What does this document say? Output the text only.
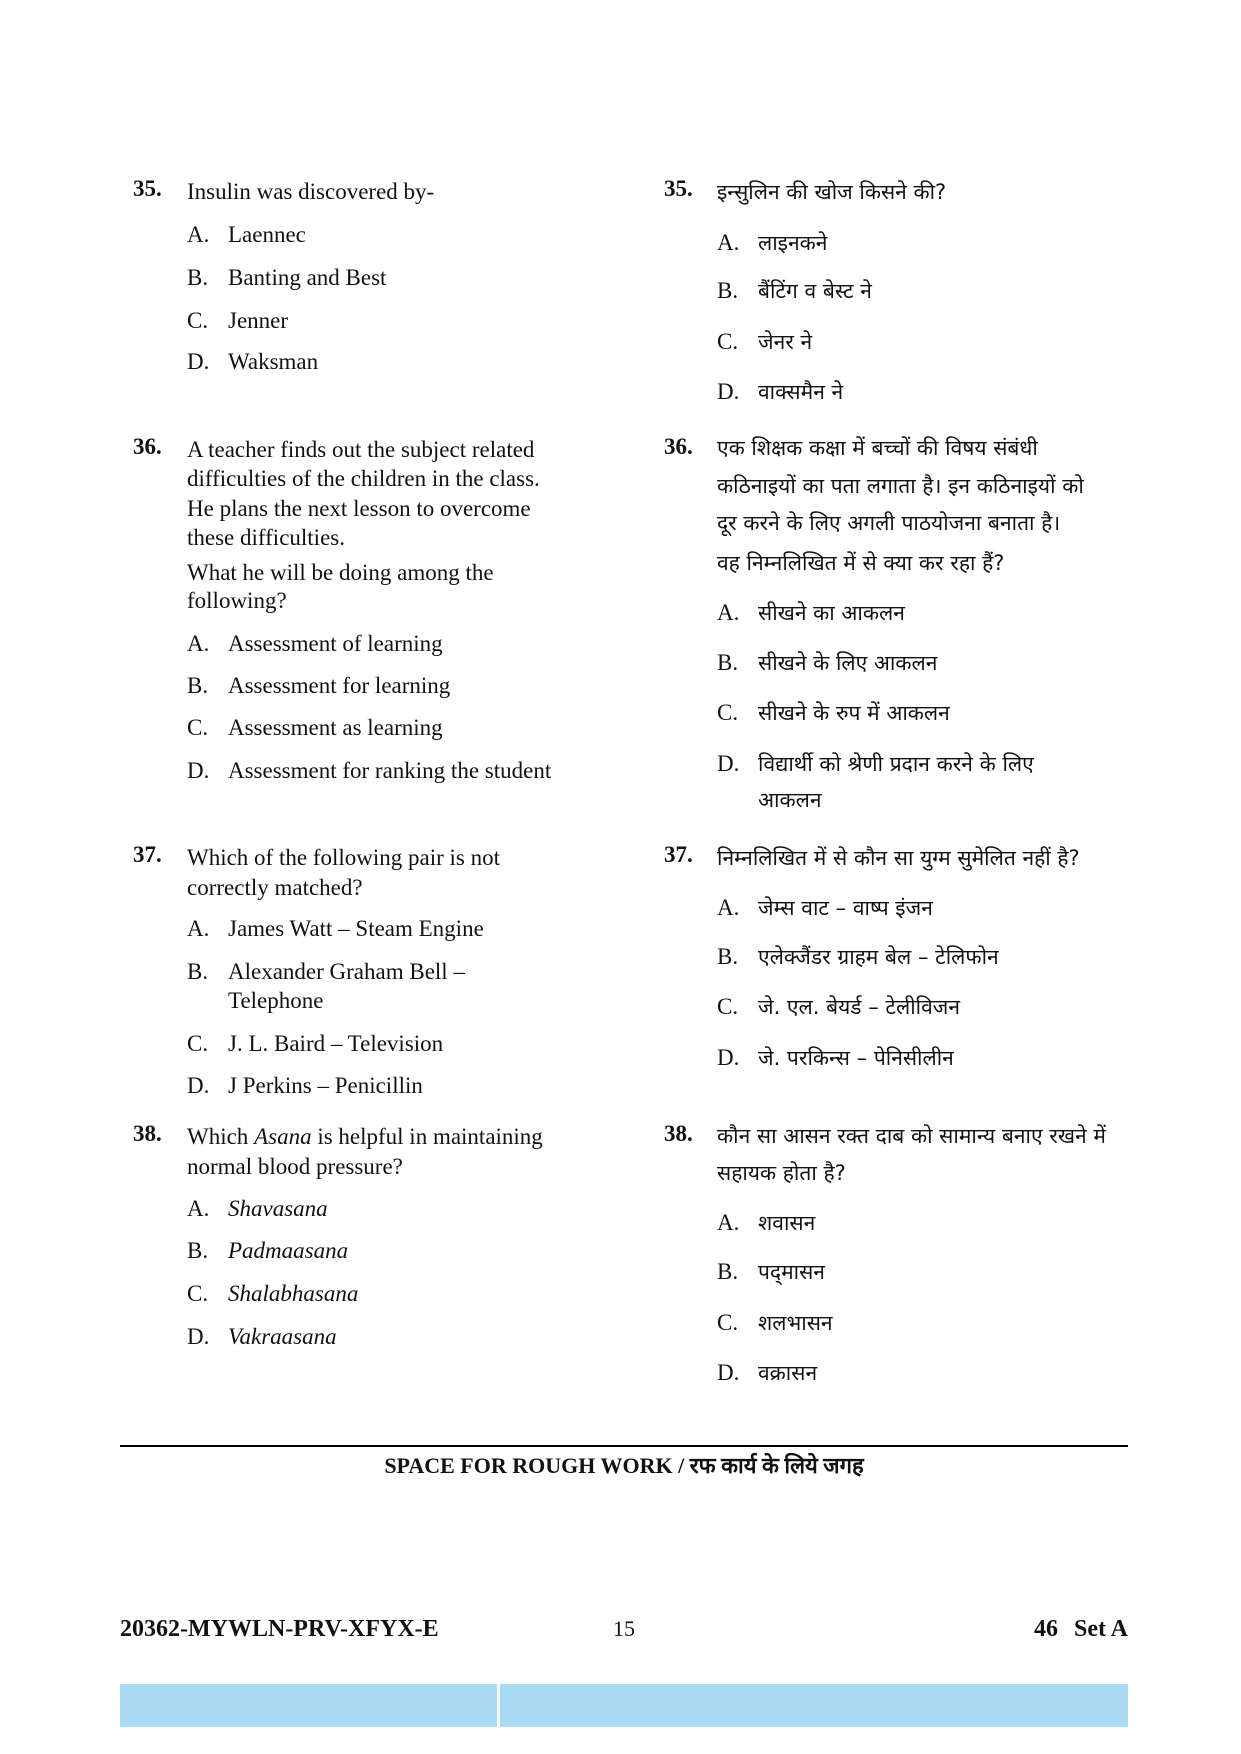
35. Insulin was discovered by-
A. Laennec
B. Banting and Best
C. Jenner
D. Waksman
36. A teacher finds out the subject related
difficulties of the children in the class.
He plans the next lesson to overcome
these difficulties.
What he will be doing among the
following?
A. Assessment of learning
B. Assessment for learning
C. Assessment as learning
D. Assessment for ranking the student
37. Which of the following pair is not
correctly matched?
A. James Watt – Steam Engine
B. Alexander Graham Bell –
Telephone
C. J. L. Baird – Television
D. J Perkins – Penicillin
38. Which Asana is helpful in maintaining
normal blood pressure?
A. Shavasana
B. Padmaasana
C. Shalabhasana
D. Vakraasana
35. इन्सुलिन की खोज किसने की?
A. लाइनकने
B. बैंटिंग व बेस्ट ने
C. जेनर ने
D. वाक्समैन ने
36. एक शिक्षक कक्षा में बच्चों की विषय संबंधी
कठिनाइयों का पता लगाता है। इन कठिनाइयों को
दूर करने के लिए अगली पाठयोजना बनाता है।
वह निम्नलिखित में से क्या कर रहा हैं?
A. सीखने का आकलन
B. सीखने के लिए आकलन
C. सीखने के रुप में आकलन
D. विद्यार्थी को श्रेणी प्रदान करने के लिए
आकलन
37. निम्नलिखित में से कौन सा युग्म सुमेलित नहीं है?
A. जेम्स वाट – वाष्प इंजन
B. एलेक्जैंडर ग्राहम बेल – टेलिफोन
C. जे. एल. बेयर्ड – टेलीविजन
D. जे. परकिन्स – पेनिसीलीन
38. कौन सा आसन रक्त दाब को सामान्य बनाए रखने में
सहायक होता है?
A. शवासन
B. पद्‌मासन
C. शलभासन
D. वक्रासन
SPACE FOR ROUGH WORK / रफ कार्य के लिये जगह
20362-MYWLN-PRV-XFYX-E	15	46 Set A
